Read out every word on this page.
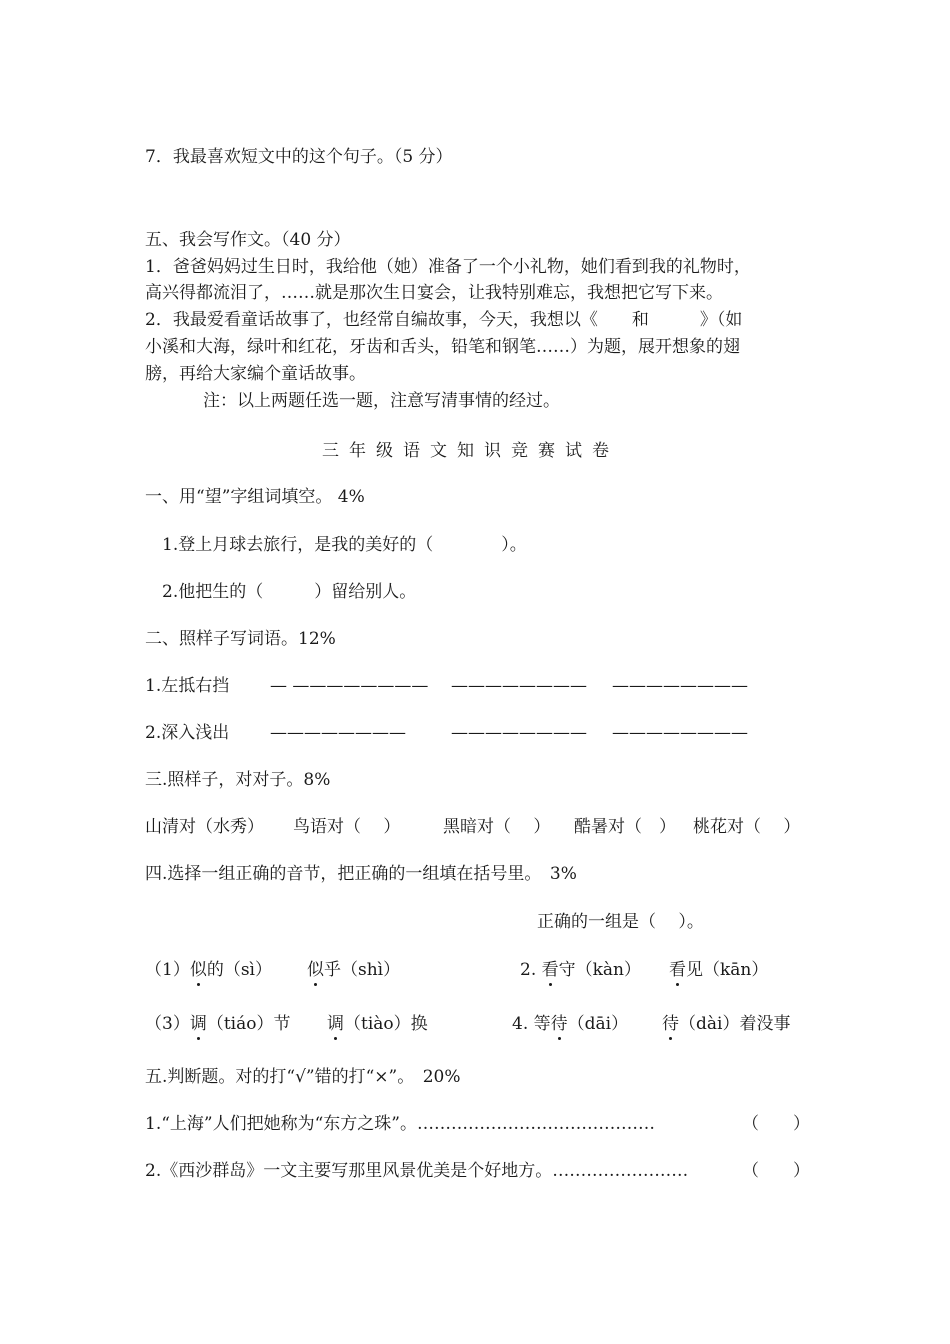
7．我最喜欢短文中的这个句子。（5 分）
五、我会写作文。（40 分）
1．爸爸妈妈过生日时，我给他（她）准备了一个小礼物，她们看到我的礼物时，
高兴得都流泪了，……就是那次生日宴会，让我特别难忘，我想把它写下来。
2．我最爱看童话故事了，也经常自编故事，今天，我想以《　　和　　　》（如
小溪和大海，绿叶和红花，牙齿和舌头，铅笔和钢笔……）为题，展开想象的翅
膀，再给大家编个童话故事。
注：以上两题任选一题，注意写清事情的经过。
三年级语文知识竞赛试卷
一、用“望”字组词填空。 4%
1.登上月球去旅行，是我的美好的（　　　　）。
2.他把生的（　　　）留给别人。
二、照样子写词语。12%
1.左抵右挡 — ———————— ———————— ————————
2.深入浅出 ————————	———————— ————————
三.照样子，对对子。8%
山清对（水秀） 鸟语对（　 ）	黑暗对（　 ） 酷暑对（　） 桃花对（　 ）
四.选择一组正确的音节，把正确的一组填在括号里。　3%
正确的一组是（　 ）。
（1）似的（sì） 似乎（shì）	2. 看守（kàn） 看见（kān）
（3）调（tiáo）节 调（tiào）换	4. 等待（dāi） 待（dài）着没事
五.判断题。对的打“√”错的打“×”。　20%
1.“上海”人们把她称为“东方之珠”。……………………………………	（　　）
2.《西沙群岛》一文主要写那里风景优美是个好地方。……………………	（　　）
